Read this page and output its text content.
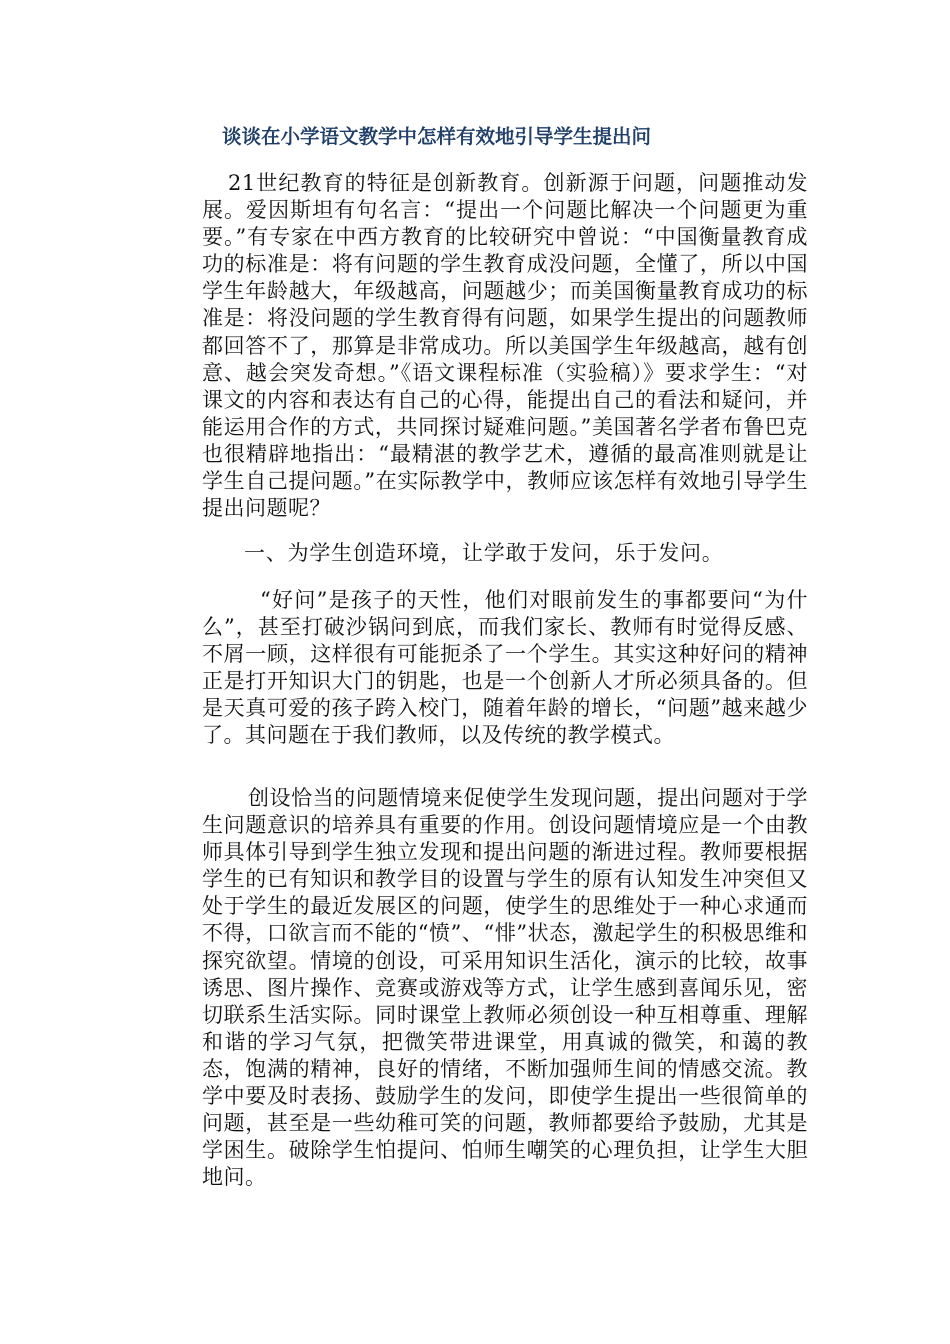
谈谈在小学语文教学中怎样有效地引导学生提出问
21世纪教育的特征是创新教育。创新源于问题，问题推动发展。爱因斯坦有句名言：“提出一个问题比解决一个问题更为重要。”有专家在中西方教育的比较研究中曾说：“中国衡量教育成功的标准是：将有问题的学生教育成没问题，全懂了，所以中国学生年龄越大，年级越高，问题越少；而美国衡量教育成功的标准是：将没问题的学生教育得有问题，如果学生提出的问题教师都回答不了，那算是非常成功。所以美国学生年级越高，越有创意、越会突发奇想。”《语文课程标准（实验稿）》要求学生：“对课文的内容和表达有自己的心得，能提出自己的看法和疑问，并能运用合作的方式，共同探讨疑难问题。”美国著名学者布鲁巴克也很精辟地指出：“最精湛的教学艺术，遵循的最高准则就是让学生自己提问题。”在实际教学中，教师应该怎样有效地引导学生提出问题呢？
一、为学生创造环境，让学敢于发问，乐于发问。
“好问”是孩子的天性，他们对眼前发生的事都要问“为什么”，甚至打破沙锅问到底，而我们家长、教师有时觉得反感、不屑一顾，这样很有可能扼杀了一个学生。其实这种好问的精神正是打开知识大门的钥匙，也是一个创新人才所必须具备的。但是天真可爱的孩子跨入校门，随着年龄的增长，“问题”越来越少了。其问题在于我们教师，以及传统的教学模式。
创设恰当的问题情境来促使学生发现问题，提出问题对于学生问题意识的培养具有重要的作用。创设问题情境应是一个由教师具体引导到学生独立发现和提出问题的渐进过程。教师要根据学生的已有知识和教学目的设置与学生的原有认知发生冲突但又处于学生的最近发展区的问题，使学生的思维处于一种心求通而不得，口欲言而不能的“愤”、“悱”状态，激起学生的积极思维和探究欲望。情境的创设，可采用知识生活化，演示的比较，故事诱思、图片操作、竞赛或游戏等方式，让学生感到喜闻乐见，密切联系生活实际。同时课堂上教师必须创设一种互相尊重、理解和谐的学习气氛，把微笑带进课堂，用真诚的微笑，和蔼的教态，饱满的精神，良好的情绪，不断加强师生间的情感交流。教学中要及时表扬、鼓励学生的发问，即使学生提出一些很简单的问题，甚至是一些幼稚可笑的问题，教师都要给予鼓励，尤其是学困生。破除学生怕提问、怕师生嘲笑的心理负担，让学生大胆地问。
